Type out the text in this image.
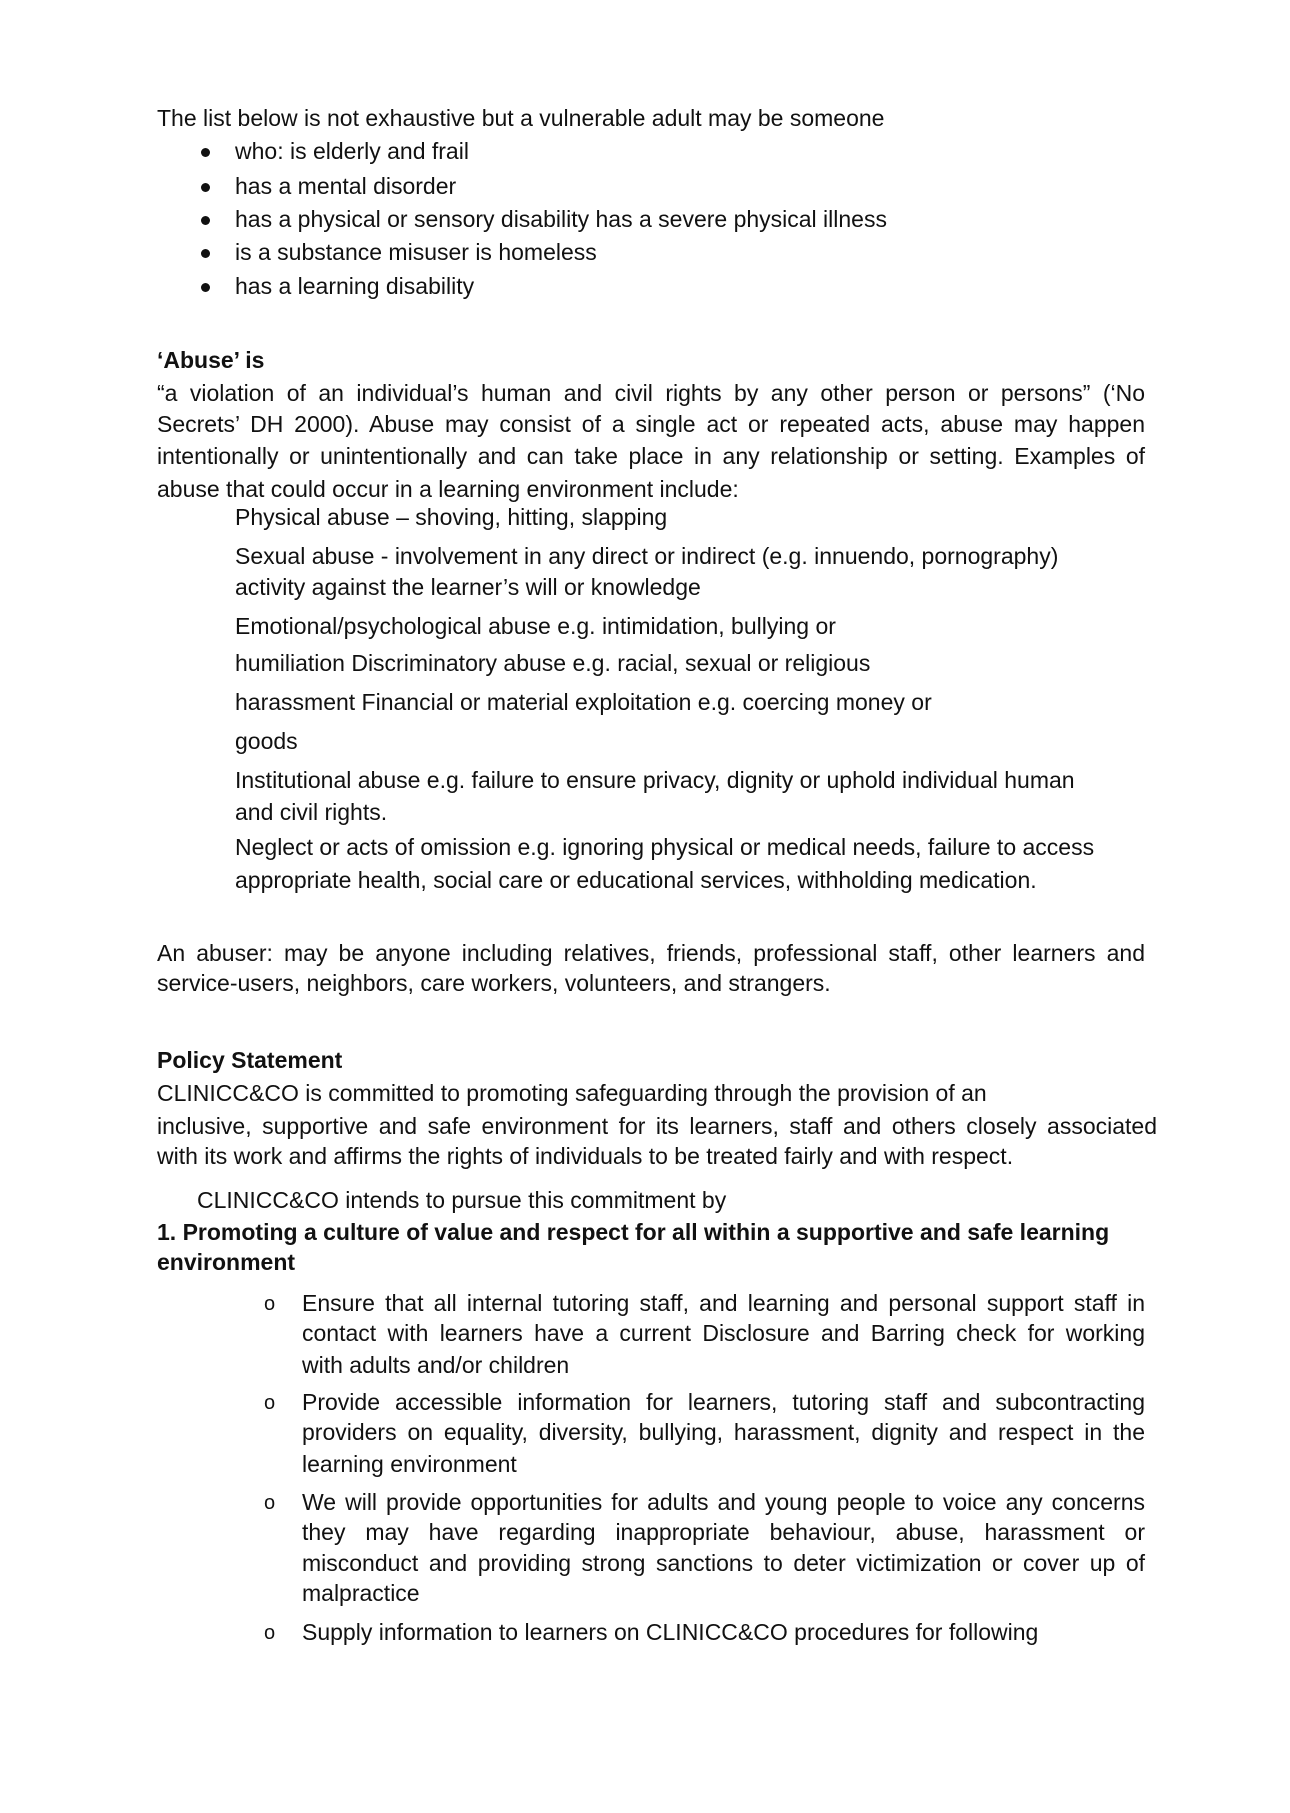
The list below is not exhaustive but a vulnerable adult may be someone
who: is elderly and frail
has a mental disorder
has a physical or sensory disability has a severe physical illness
is a substance misuser is homeless
has a learning disability
‘Abuse’ is
“a violation of an individual’s human and civil rights by any other person or persons” (‘No
Secrets’ DH 2000). Abuse may consist of a single act or repeated acts, abuse may happen
intentionally or unintentionally and can take place in any relationship or setting. Examples of
abuse that could occur in a learning environment include:
Physical abuse – shoving, hitting, slapping
Sexual abuse - involvement in any direct or indirect (e.g. innuendo, pornography)
activity against the learner’s will or knowledge
Emotional/psychological abuse e.g. intimidation, bullying or
humiliation Discriminatory abuse e.g. racial, sexual or religious
harassment Financial or material exploitation e.g. coercing money or
goods
Institutional abuse e.g. failure to ensure privacy, dignity or uphold individual human
and civil rights.
Neglect or acts of omission e.g. ignoring physical or medical needs, failure to access
appropriate health, social care or educational services, withholding medication.
An abuser: may be anyone including relatives, friends, professional staff, other learners and
service-users, neighbors, care workers, volunteers, and strangers.
Policy Statement
CLINICC&CO is committed to promoting safeguarding through the provision of an
inclusive, supportive and safe environment for its learners, staff and others closely associated
with its work and affirms the rights of individuals to be treated fairly and with respect.
CLINICC&CO intends to pursue this commitment by
1. Promoting a culture of value and respect for all within a supportive and safe learning
environment
o Ensure that all internal tutoring staff, and learning and personal support staff in
contact with learners have a current Disclosure and Barring check for working
with adults and/or children
o Provide accessible information for learners, tutoring staff and subcontracting
providers on equality, diversity, bullying, harassment, dignity and respect in the
learning environment
o We will provide opportunities for adults and young people to voice any concerns
they may have regarding inappropriate behaviour, abuse, harassment or
misconduct and providing strong sanctions to deter victimization or cover up of
malpractice
o Supply information to learners on CLINICC&CO procedures for following
